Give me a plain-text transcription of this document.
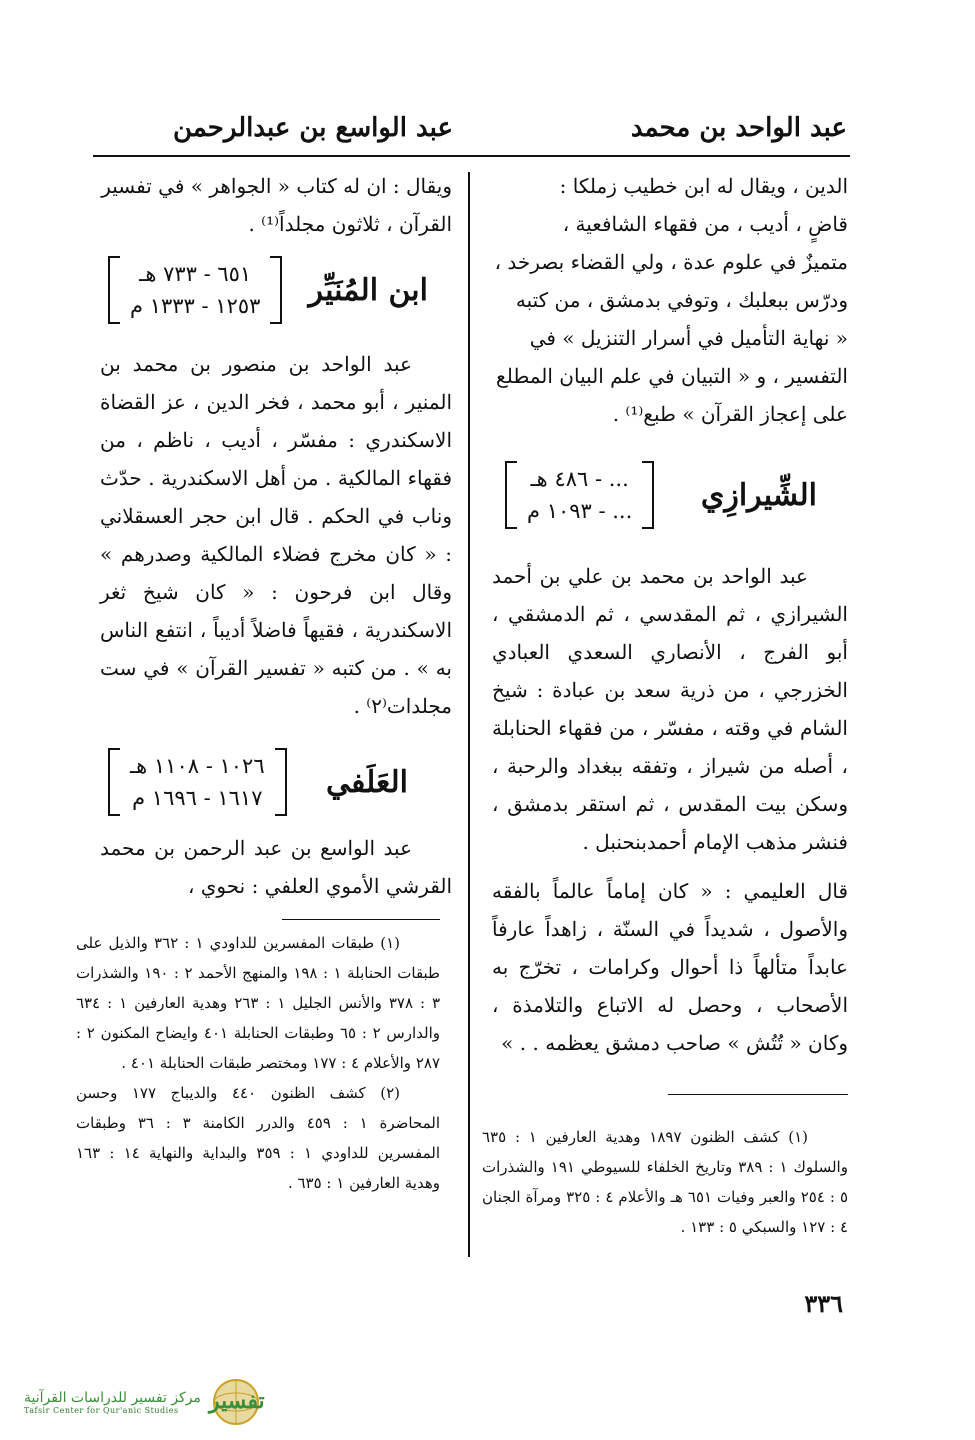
عبد الواحد بن محمد
عبد الواسع بن عبدالرحمن

الدين ، ويقال له ابن خطيب زملكا :

قاضٍ ، أديب ، من فقهاء الشافعية ،

متميزٌ في علوم عدة ، ولي القضاء بصرخد ،

ودرّس ببعلبك ، وتوفي بدمشق ، من كتبه

« نهاية التأميل في أسرار التنزيل » في

التفسير ، و « التبيان في علم البيان المطلع

على إعجاز القرآن » طبع⁽¹⁾ .

الشِّيرازِي
... - ٤٨٦ هـ
... - ١٠٩٣ م

عبد الواحد بن محمد بن علي بن أحمد الشيرازي ، ثم المقدسي ، ثم الدمشقي ، أبو الفرج ، الأنصاري السعدي العبادي الخزرجي ، من ذرية سعد بن عبادة : شيخ الشام في وقته ، مفسّر ، من فقهاء الحنابلة ، أصله من شيراز ، وتفقه ببغداد والرحبة ، وسكن بيت المقدس ، ثم استقر بدمشق ، فنشر مذهب الإمام أحمدبنحنبل .

قال العليمي : « كان إماماً عالماً بالفقه والأصول ، شديداً في السنّة ، زاهداً عارفاً عابداً متألهاً ذا أحوال وكرامات ، تخرّج به الأصحاب ، وحصل له الاتباع والتلامذة ، وكان « تُتُش » صاحب دمشق يعظمه . . »

(١) كشف الظنون ١٨٩٧ وهدية العارفين ١ : ٦٣٥ والسلوك ١ : ٣٨٩ وتاريخ الخلفاء للسيوطي ١٩١ والشذرات ٥ : ٢٥٤ والعبر وفيات ٦٥١ هـ والأعلام ٤ : ٣٢٥ ومرآة الجنان ٤ : ١٢٧ والسبكي ٥ : ١٣٣ .

ويقال : ان له كتاب « الجواهر » في تفسير

القرآن ، ثلاثون مجلداً⁽¹⁾ .

ابن المُنَيِّر
٦٥١ - ٧٣٣ هـ
١٢٥٣ - ١٣٣٣ م

عبد الواحد بن منصور بن محمد بن المنير ، أبو محمد ، فخر الدين ، عز القضاة الاسكندري : مفسّر ، أديب ، ناظم ، من فقهاء المالكية . من أهل الاسكندرية . حدّث وناب في الحكم . قال ابن حجر العسقلاني : « كان مخرج فضلاء المالكية وصدرهم » وقال ابن فرحون : « كان شيخ ثغر الاسكندرية ، فقيهاً فاضلاً أديباً ، انتفع الناس به » . من كتبه « تفسير القرآن » في ست مجلدات⁽٢⁾ .

العَلَفي
١٠٢٦ - ١١٠٨ هـ
١٦١٧ - ١٦٩٦ م

عبد الواسع بن عبد الرحمن بن محمد القرشي الأموي العلفي : نحوي ،

(١) طبقات المفسرين للداودي ١ : ٣٦٢ والذيل على طبقات الحنابلة ١ : ١٩٨ والمنهج الأحمد ٢ : ١٩٠ والشذرات ٣ : ٣٧٨ والأنس الجليل ١ : ٢٦٣ وهدية العارفين ١ : ٦٣٤ والدارس ٢ : ٦٥ وطبقات الحنابلة ٤٠١ وايضاح المكنون ٢ : ٢٨٧ والأعلام ٤ : ١٧٧ ومختصر طبقات الحنابلة ٤٠١ .

(٢) كشف الظنون ٤٤٠ والديباج ١٧٧ وحسن المحاضرة ١ : ٤٥٩ والدرر الكامنة ٣ : ٣٦ وطبقات المفسرين للداودي ١ : ٣٥٩ والبداية والنهاية ١٤ : ١٦٣ وهدية العارفين ١ : ٦٣٥ .

٣٣٦
مركز تفسير للدراسات القرآنية
Tafsir Center for Qur'anic Studies تفسير
